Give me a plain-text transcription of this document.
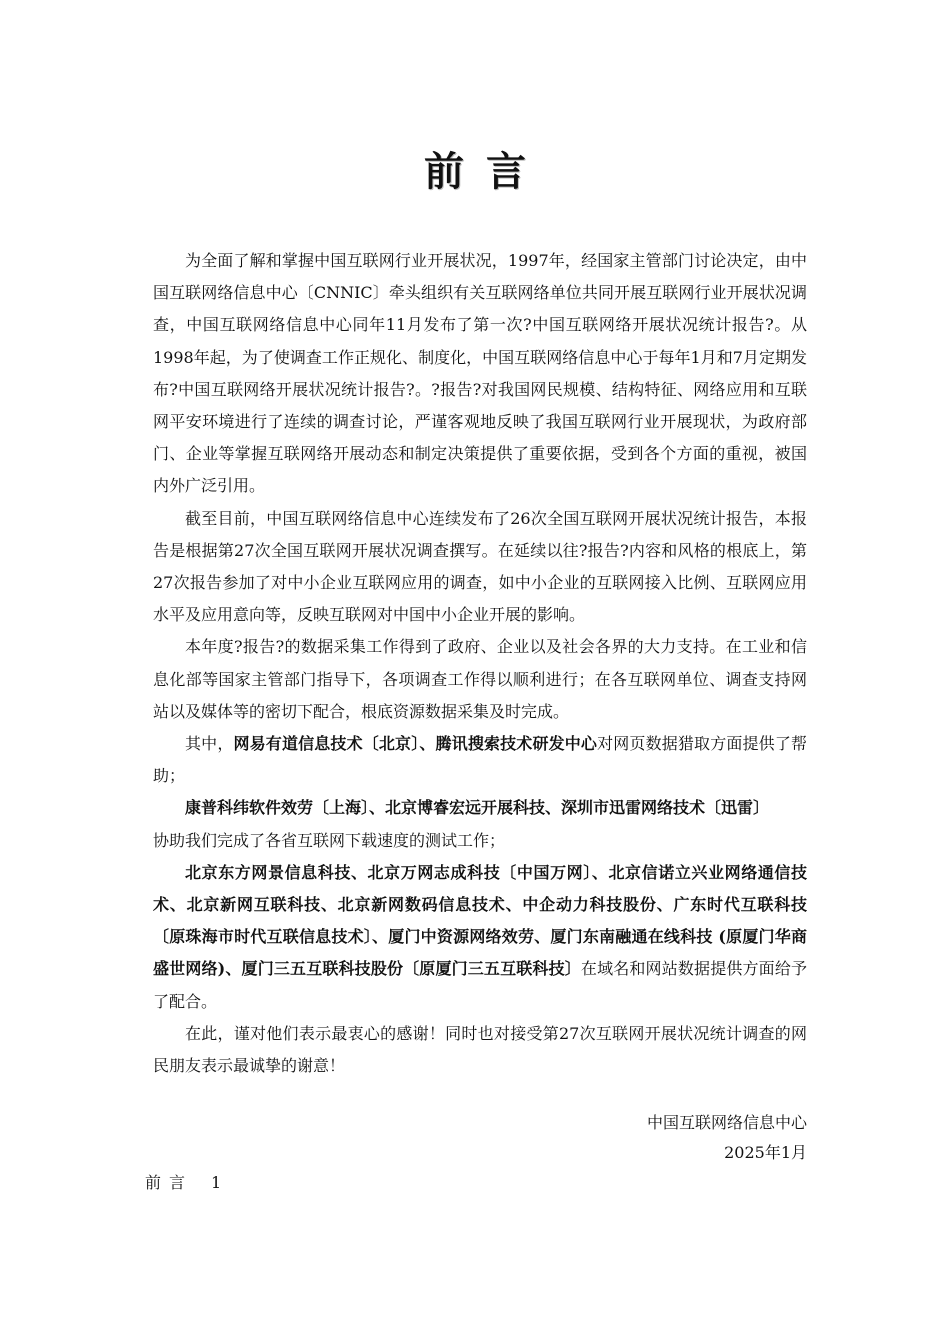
前言

为全面了解和掌握中国互联网行业开展状况，1997年，经国家主管部门讨论决定，由中国互联网络信息中心〔CNNIC〕牵头组织有关互联网络单位共同开展互联网行业开展状况调查，中国互联网络信息中心同年11月发布了第一次?中国互联网络开展状况统计报告?。从1998年起，为了使调查工作正规化、制度化，中国互联网络信息中心于每年1月和7月定期发布?中国互联网络开展状况统计报告?。?报告?对我国网民规模、结构特征、网络应用和互联网平安环境进行了连续的调查讨论，严谨客观地反映了我国互联网行业开展现状，为政府部门、企业等掌握互联网络开展动态和制定决策提供了重要依据，受到各个方面的重视，被国内外广泛引用。

截至目前，中国互联网络信息中心连续发布了26次全国互联网开展状况统计报告，本报告是根据第27次全国互联网开展状况调查撰写。在延续以往?报告?内容和风格的根底上，第27次报告参加了对中小企业互联网应用的调查，如中小企业的互联网接入比例、互联网应用水平及应用意向等，反映互联网对中国中小企业开展的影响。

本年度?报告?的数据采集工作得到了政府、企业以及社会各界的大力支持。在工业和信息化部等国家主管部门指导下，各项调查工作得以顺利进行；在各互联网单位、调查支持网站以及媒体等的密切下配合，根底资源数据采集及时完成。

其中，网易有道信息技术〔北京〕、腾讯搜索技术研发中心对网页数据猎取方面提供了帮助；

康普科纬软件效劳〔上海〕、北京博睿宏远开展科技、深圳市迅雷网络技术〔迅雷〕
协助我们完成了各省互联网下载速度的测试工作；

北京东方网景信息科技、北京万网志成科技〔中国万网〕、北京信诺立兴业网络通信技术、北京新网互联科技、北京新网数码信息技术、中企动力科技股份、广东时代互联科技〔原珠海市时代互联信息技术〕、厦门中资源网络效劳、厦门东南融通在线科技 (原厦门华商盛世网络)、厦门三五互联科技股份〔原厦门三五互联科技〕在域名和网站数据提供方面给予了配合。

在此，谨对他们表示最衷心的感谢！同时也对接受第27次互联网开展状况统计调查的网民朋友表示最诚挚的谢意！

中国互联网络信息中心
2025年1月
前言 1
